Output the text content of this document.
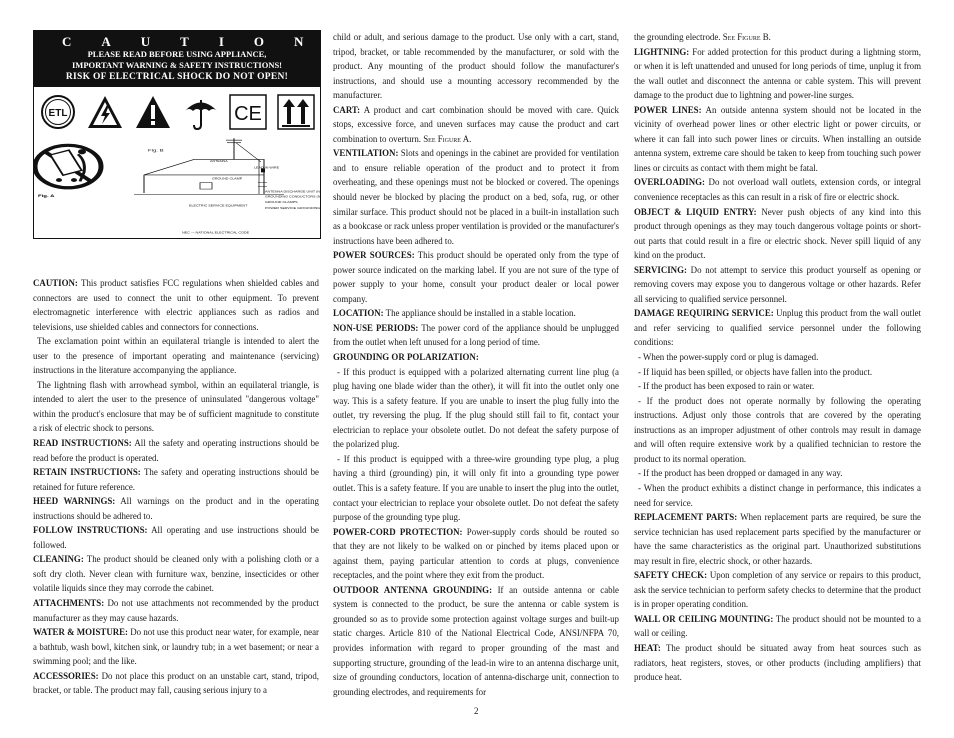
CAUTION
PLEASE READ BEFORE USING APPLIANCE,
IMPORTANT WARNING & SAFETY INSTRUCTIONS!
RISK OF ELECTRICAL SHOCK DO NOT OPEN!
ETL	CE
Fig. A
Fig. B
ANTENNA
LEAD IN WIRE
GROUND CLAMP
ANTENNA DISCHARGE UNIT (N
GROUNDING CONDUCTORS (
ELECTRIC SERVICE EQUIPMENT
GROUND CLAMPS
POWER SERVICE GROUNDING
NEC — NATIONAL ELECTRICAL CODE

CAUTION: This product satisfies FCC regulations when shielded cables and connectors are used to connect the unit to other equipment. To prevent electromagnetic interference with electric appliances such as radios and televisions, use shielded cables and connectors for connections.

The exclamation point within an equilateral triangle is intended to alert the user to the presence of important operating and maintenance (servicing) instructions in the literature accompanying the appliance.

The lightning flash with arrowhead symbol, within an equilateral triangle, is intended to alert the user to the presence of uninsulated "dangerous voltage" within the product's enclosure that may be of sufficient magnitude to constitute a risk of electric shock to persons.

READ INSTRUCTIONS: All the safety and operating instructions should be read before the product is operated.

RETAIN INSTRUCTIONS: The safety and operating instructions should be retained for future reference.

HEED WARNINGS: All warnings on the product and in the operating instructions should be adhered to.

FOLLOW INSTRUCTIONS: All operating and use instructions should be followed.

CLEANING: The product should be cleaned only with a polishing cloth or a soft dry cloth. Never clean with furniture wax, benzine, insecticides or other volatile liquids since they may corrode the cabinet.

ATTACHMENTS: Do not use attachments not recommended by the product manufacturer as they may cause hazards.

WATER & MOISTURE: Do not use this product near water, for example, near a bathtub, wash bowl, kitchen sink, or laundry tub; in a wet basement; or near a swimming pool; and the like.

ACCESSORIES: Do not place this product on an unstable cart, stand, tripod, bracket, or table. The product may fall, causing serious injury to a

child or adult, and serious damage to the product. Use only with a cart, stand, tripod, bracket, or table recommended by the manufacturer, or sold with the product. Any mounting of the product should follow the manufacturer's instructions, and should use a mounting accessory recommended by the manufacturer.

CART: A product and cart combination should be moved with care. Quick stops, excessive force, and uneven surfaces may cause the product and cart combination to overturn. See Figure A.

VENTILATION: Slots and openings in the cabinet are provided for ventilation and to ensure reliable operation of the product and to protect it from overheating, and these openings must not be blocked or covered. The openings should never be blocked by placing the product on a bed, sofa, rug, or other similar surface. This product should not be placed in a built-in installation such as a bookcase or rack unless proper ventilation is provided or the manufacturer's instructions have been adhered to.

POWER SOURCES: This product should be operated only from the type of power source indicated on the marking label. If you are not sure of the type of power supply to your home, consult your product dealer or local power company.

LOCATION: The appliance should be installed in a stable location.

NON-USE PERIODS: The power cord of the appliance should be unplugged from the outlet when left unused for a long period of time.

GROUNDING OR POLARIZATION:

- If this product is equipped with a polarized alternating current line plug (a plug having one blade wider than the other), it will fit into the outlet only one way. This is a safety feature. If you are unable to insert the plug fully into the outlet, try reversing the plug. If the plug should still fail to fit, contact your electrician to replace your obsolete outlet. Do not defeat the safety purpose of the polarized plug.

- If this product is equipped with a three-wire grounding type plug, a plug having a third (grounding) pin, it will only fit into a grounding type power outlet. This is a safety feature. If you are unable to insert the plug into the outlet, contact your electrician to replace your obsolete outlet. Do not defeat the safety purpose of the grounding type plug.

POWER-CORD PROTECTION: Power-supply cords should be routed so that they are not likely to be walked on or pinched by items placed upon or against them, paying particular attention to cords at plugs, convenience receptacles, and the point where they exit from the product.

OUTDOOR ANTENNA GROUNDING: If an outside antenna or cable system is connected to the product, be sure the antenna or cable system is grounded so as to provide some protection against voltage surges and built-up static charges. Article 810 of the National Electrical Code, ANSI/NFPA 70, provides information with regard to proper grounding of the mast and supporting structure, grounding of the lead-in wire to an antenna discharge unit, size of grounding conductors, location of antenna-discharge unit, connection to grounding electrodes, and requirements for

the grounding electrode. See Figure B.

LIGHTNING: For added protection for this product during a lightning storm, or when it is left unattended and unused for long periods of time, unplug it from the wall outlet and disconnect the antenna or cable system. This will prevent damage to the product due to lightning and power-line surges.

POWER LINES: An outside antenna system should not be located in the vicinity of overhead power lines or other electric light or power circuits, or where it can fall into such power lines or circuits. When installing an outside antenna system, extreme care should be taken to keep from touching such power lines or circuits as contact with them might be fatal.

OVERLOADING: Do not overload wall outlets, extension cords, or integral convenience receptacles as this can result in a risk of fire or electric shock.

OBJECT & LIQUID ENTRY: Never push objects of any kind into this product through openings as they may touch dangerous voltage points or short-out parts that could result in a fire or electric shock. Never spill liquid of any kind on the product.

SERVICING: Do not attempt to service this product yourself as opening or removing covers may expose you to dangerous voltage or other hazards. Refer all servicing to qualified service personnel.

DAMAGE REQUIRING SERVICE: Unplug this product from the wall outlet and refer servicing to qualified service personnel under the following conditions:

- When the power-supply cord or plug is damaged.

- If liquid has been spilled, or objects have fallen into the product.

- If the product has been exposed to rain or water.

- If the product does not operate normally by following the operating instructions. Adjust only those controls that are covered by the operating instructions as an improper adjustment of other controls may result in damage and will often require extensive work by a qualified technician to restore the product to its normal operation.

- If the product has been dropped or damaged in any way.

- When the product exhibits a distinct change in performance, this indicates a need for service.

REPLACEMENT PARTS: When replacement parts are required, be sure the service technician has used replacement parts specified by the manufacturer or have the same characteristics as the original part. Unauthorized substitutions may result in fire, electric shock, or other hazards.

SAFETY CHECK: Upon completion of any service or repairs to this product, ask the service technician to perform safety checks to determine that the product is in proper operating condition.

WALL OR CEILING MOUNTING: The product should not be mounted to a wall or ceiling.

HEAT: The product should be situated away from heat sources such as radiators, heat registers, stoves, or other products (including amplifiers) that produce heat.

2
